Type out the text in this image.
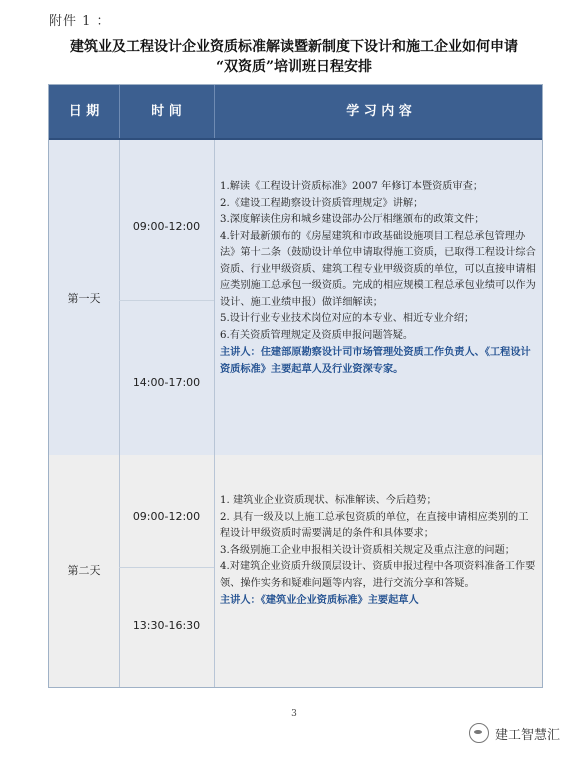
附件 1 ：
建筑业及工程设计企业资质标准解读暨新制度下设计和施工企业如何申请
“双资质”培训班日程安排
日 期	时 间	学 习 内 容
第一天
09:00-12:00
14:00-17:00
第二天
09:00-12:00
13:30-16:30

1.解读《工程设计资质标准》2007 年修订本暨资质审查；

2.《建设工程勘察设计资质管理规定》讲解；

3.深度解读住房和城乡建设部办公厅相继颁布的政策文件；

4.针对最新颁布的《房屋建筑和市政基础设施项目工程总承包管理办法》第十二条（鼓励设计单位申请取得施工资质，已取得工程设计综合资质、行业甲级资质、建筑工程专业甲级资质的单位，可以直接申请相应类别施工总承包一级资质。完成的相应规模工程总承包业绩可以作为设计、施工业绩申报）做详细解读；

5.设计行业专业技术岗位对应的本专业、相近专业介绍；

6.有关资质管理规定及资质申报问题答疑。

主讲人：住建部原勘察设计司市场管理处资质工作负责人、《工程设计资质标准》主要起草人及行业资深专家。

1. 建筑业企业资质现状、标准解读、今后趋势；

2. 具有一级及以上施工总承包资质的单位，在直接申请相应类别的工程设计甲级资质时需要满足的条件和具体要求；

3.各级别施工企业申报相关设计资质相关规定及重点注意的问题；

4.对建筑企业资质升级顶层设计、资质申报过程中各项资料准备工作要领、操作实务和疑难问题等内容，进行交流分享和答疑。

主讲人：《建筑业企业资质标准》主要起草人

3
建工智慧汇
